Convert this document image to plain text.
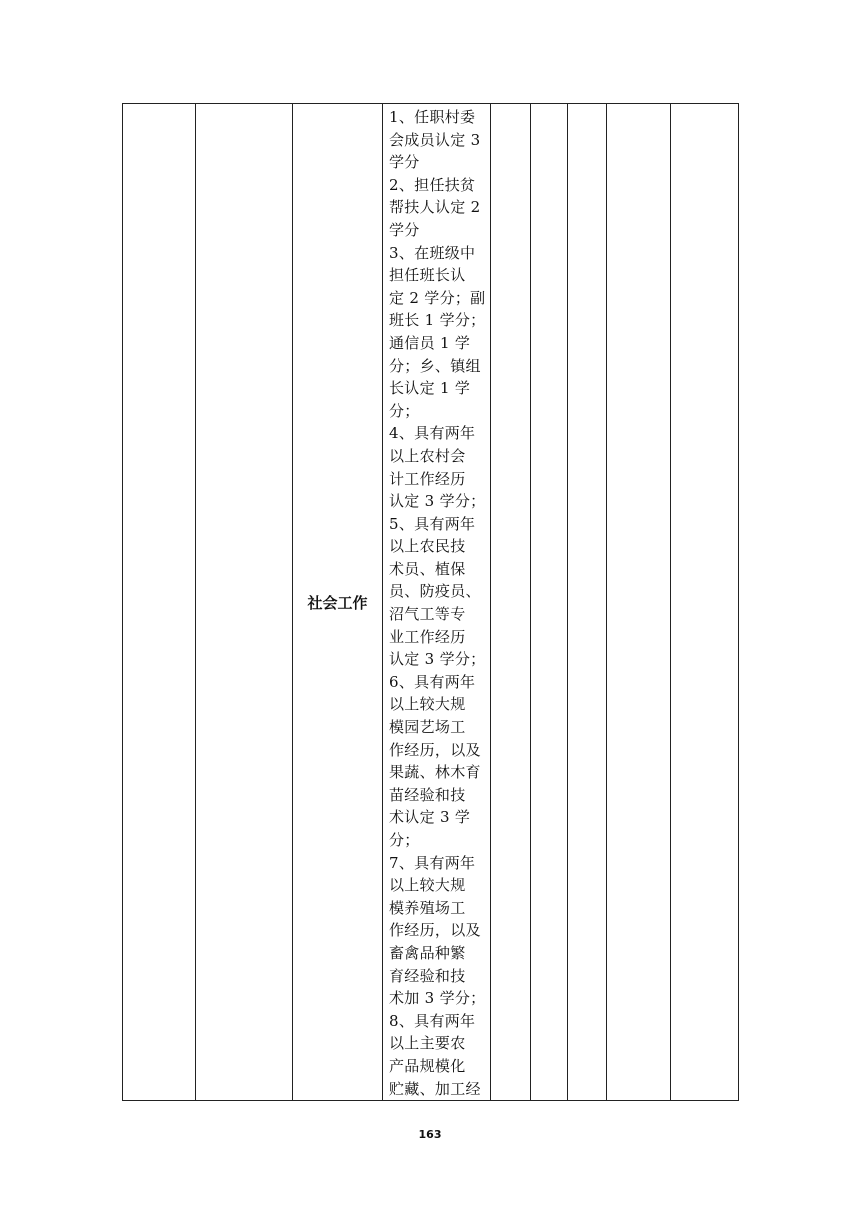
		社会工作	
1、任职村委
会成员认定 3
学分
2、担任扶贫
帮扶人认定 2
学分
3、在班级中
担任班长认
定 2 学分；副
班长 1 学分；
通信员 1 学
分；乡、镇组
长认定 1 学
分；
4、具有两年
以上农村会
计工作经历
认定 3 学分；
5、具有两年
以上农民技
术员、植保
员、防疫员、
沼气工等专
业工作经历
认定 3 学分；
6、具有两年
以上较大规
模园艺场工
作经历，以及
果蔬、林木育
苗经验和技
术认定 3 学
分；
7、具有两年
以上较大规
模养殖场工
作经历，以及
畜禽品种繁
育经验和技
术加 3 学分；
8、具有两年
以上主要农
产品规模化
贮藏、加工经

163
